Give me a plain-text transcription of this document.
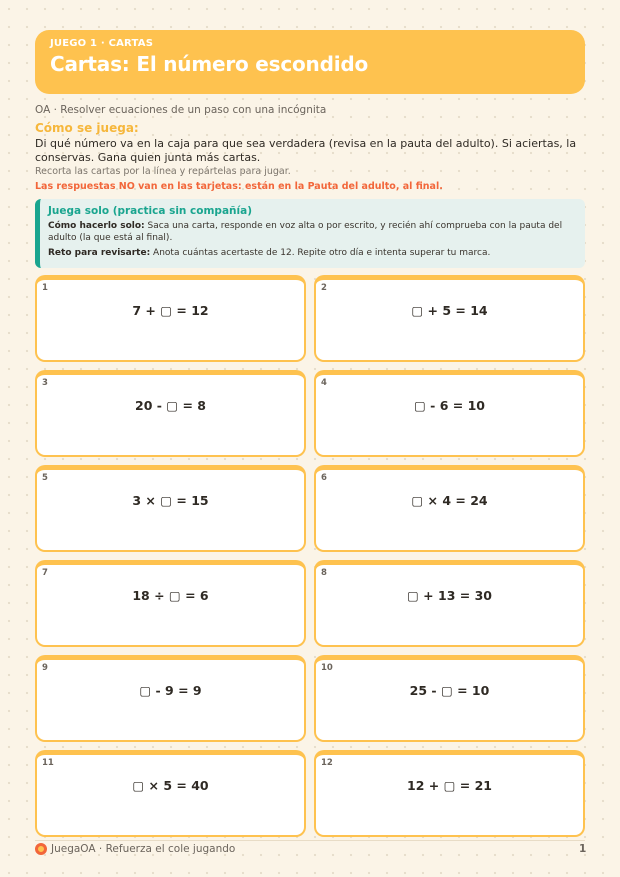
JUEGO 1 · CARTAS
Cartas: El número escondido
OA · Resolver ecuaciones de un paso con una incógnita
Cómo se juega:
Di qué número va en la caja para que sea verdadera (revisa en la pauta del adulto). Si aciertas, la conservas. Gana quien junta más cartas.
Recorta las cartas por la línea y repártelas para jugar.
Las respuestas NO van en las tarjetas: están en la Pauta del adulto, al final.
Juega solo (practica sin compañía)
Cómo hacerlo solo: Saca una carta, responde en voz alta o por escrito, y recién ahí comprueba con la pauta del adulto (la que está al final).
Reto para revisarte: Anota cuántas acertaste de 12. Repite otro día e intenta superar tu marca.
1
7 + ▢ = 12
2
▢ + 5 = 14
3
20 - ▢ = 8
4
▢ - 6 = 10
5
3 × ▢ = 15
6
▢ × 4 = 24
7
18 ÷ ▢ = 6
8
▢ + 13 = 30
9
▢ - 9 = 9
10
25 - ▢ = 10
11
▢ × 5 = 40
12
12 + ▢ = 21
JuegaOA · Refuerza el cole jugando	1
